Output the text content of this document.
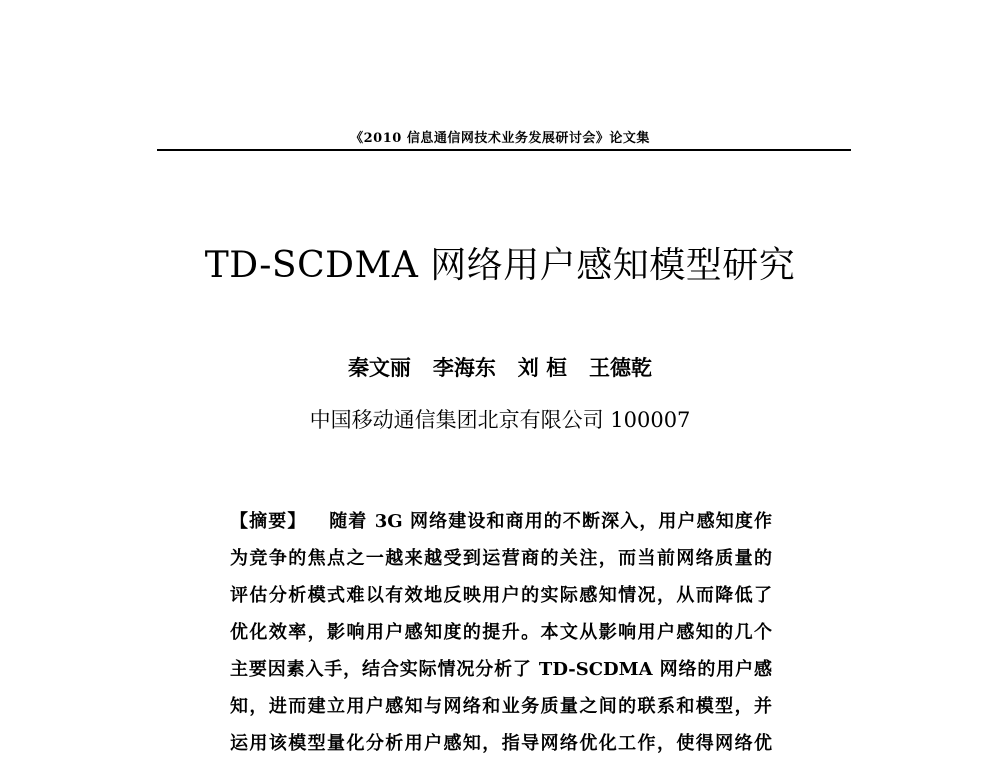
《2010 信息通信网技术业务发展研讨会》论文集
TD-SCDMA 网络用户感知模型研究
秦文丽   李海东   刘 桓   王德乾
中国移动通信集团北京有限公司 100007
【摘要】 随着 3G 网络建设和商用的不断深入，用户感知度作
为竞争的焦点之一越来越受到运营商的关注，而当前网络质量的
评估分析模式难以有效地反映用户的实际感知情况，从而降低了
优化效率，影响用户感知度的提升。本文从影响用户感知的几个
主要因素入手，结合实际情况分析了 TD-SCDMA 网络的用户感
知，进而建立用户感知与网络和业务质量之间的联系和模型，并
运用该模型量化分析用户感知，指导网络优化工作，使得网络优
